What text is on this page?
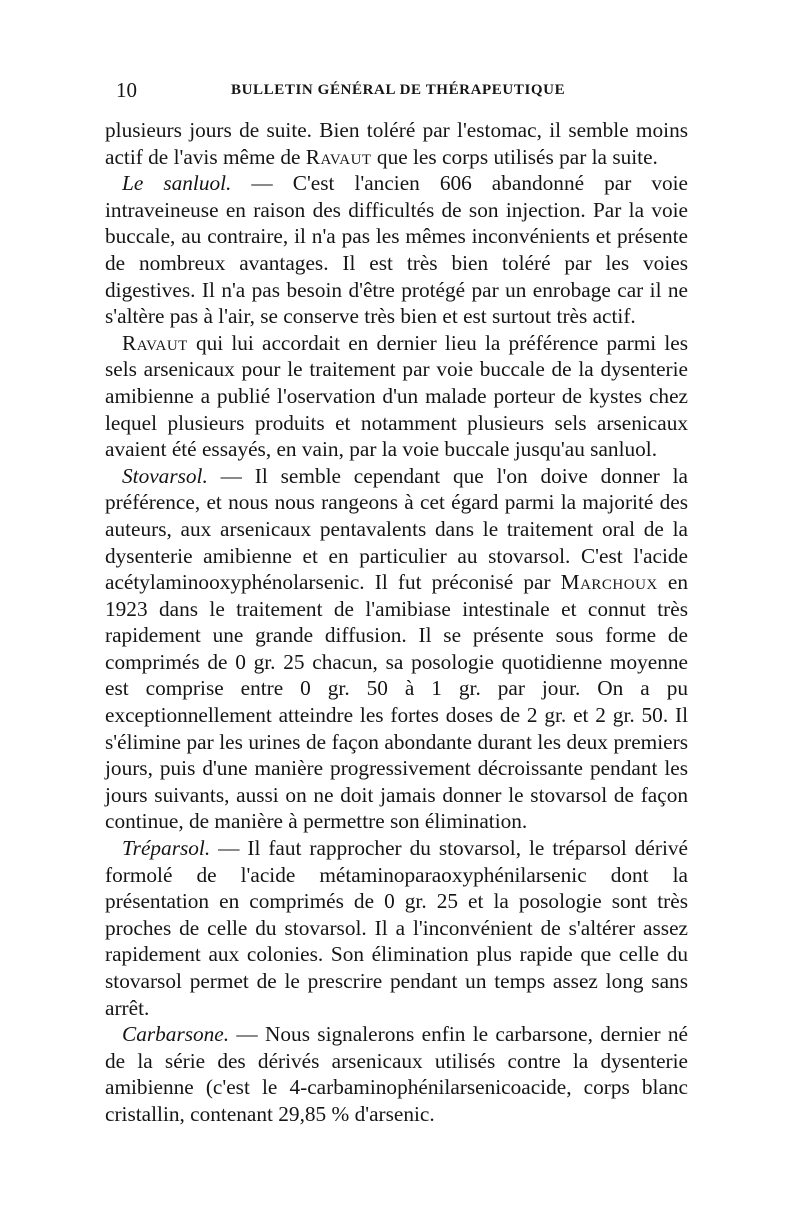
10	BULLETIN GÉNÉRAL DE THÉRAPEUTIQUE

plusieurs jours de suite. Bien toléré par l'estomac, il semble moins actif de l'avis même de Ravaut que les corps utilisés par la suite.

Le sanluol. — C'est l'ancien 606 abandonné par voie intraveineuse en raison des difficultés de son injection. Par la voie buccale, au contraire, il n'a pas les mêmes inconvénients et présente de nombreux avantages. Il est très bien toléré par les voies digestives. Il n'a pas besoin d'être protégé par un enrobage car il ne s'altère pas à l'air, se conserve très bien et est surtout très actif.

Ravaut qui lui accordait en dernier lieu la préférence parmi les sels arsenicaux pour le traitement par voie buccale de la dysenterie amibienne a publié l'oservation d'un malade porteur de kystes chez lequel plusieurs produits et notamment plusieurs sels arsenicaux avaient été essayés, en vain, par la voie buccale jusqu'au sanluol.

Stovarsol. — Il semble cependant que l'on doive donner la préférence, et nous nous rangeons à cet égard parmi la majorité des auteurs, aux arsenicaux pentavalents dans le traitement oral de la dysenterie amibienne et en particulier au stovarsol. C'est l'acide acétylaminooxyphénolarsenic. Il fut préconisé par Marchoux en 1923 dans le traitement de l'amibiase intestinale et connut très rapidement une grande diffusion. Il se présente sous forme de comprimés de 0 gr. 25 chacun, sa posologie quotidienne moyenne est comprise entre 0 gr. 50 à 1 gr. par jour. On a pu exceptionnellement atteindre les fortes doses de 2 gr. et 2 gr. 50. Il s'élimine par les urines de façon abondante durant les deux premiers jours, puis d'une manière progressivement décroissante pendant les jours suivants, aussi on ne doit jamais donner le stovarsol de façon continue, de manière à permettre son élimination.

Tréparsol. — Il faut rapprocher du stovarsol, le tréparsol dérivé formolé de l'acide métaminoparaoxyphénilarsenic dont la présentation en comprimés de 0 gr. 25 et la posologie sont très proches de celle du stovarsol. Il a l'inconvénient de s'altérer assez rapidement aux colonies. Son élimination plus rapide que celle du stovarsol permet de le prescrire pendant un temps assez long sans arrêt.

Carbarsone. — Nous signalerons enfin le carbarsone, dernier né de la série des dérivés arsenicaux utilisés contre la dysenterie amibienne (c'est le 4-carbaminophénilarsenicoacide, corps blanc cristallin, contenant 29,85 % d'arsenic.
